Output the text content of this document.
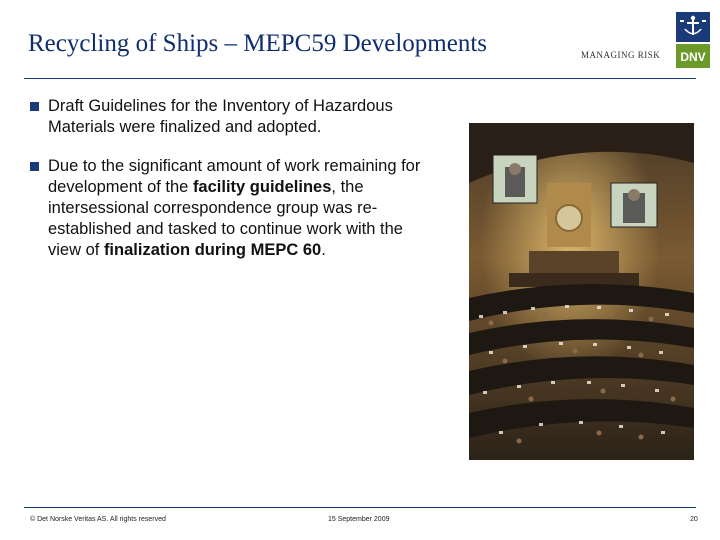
Recycling of Ships – MEPC59 Developments	MANAGING RISK DNV
Draft Guidelines for the Inventory of Hazardous Materials were finalized and adopted.
Due to the significant amount of work remaining for development of the facility guidelines, the intersessional correspondence group was re-established and tasked to continue work with the view of finalization during MEPC 60.
© Det Norske Veritas AS. All rights reserved	15 September 2009	20
